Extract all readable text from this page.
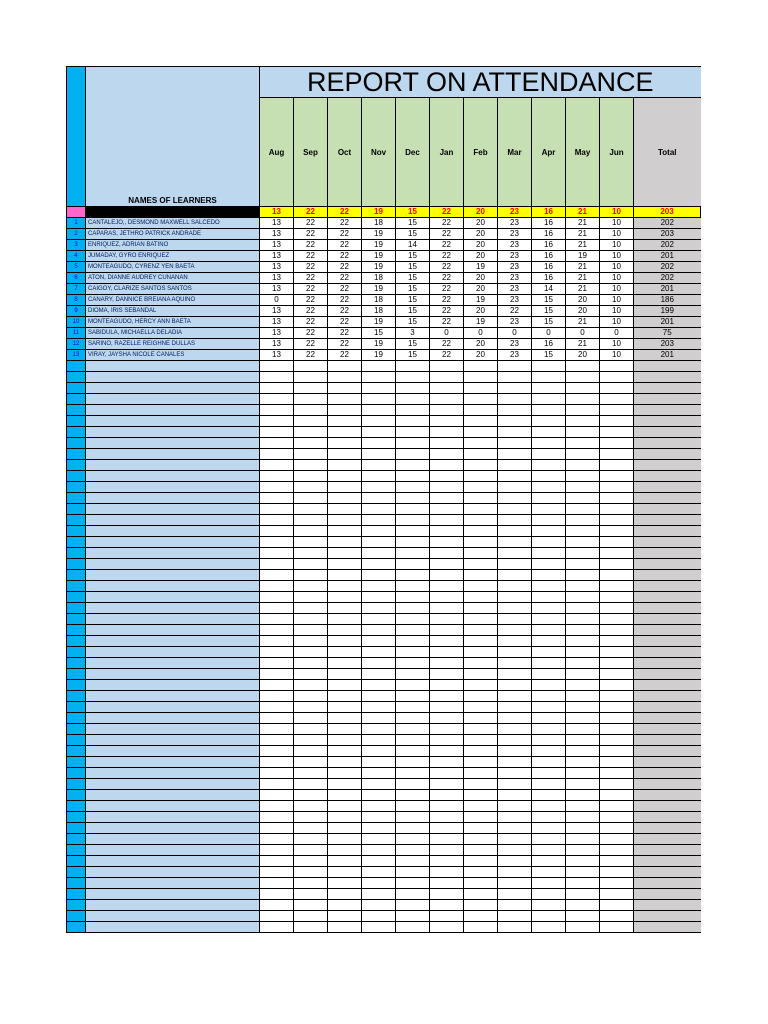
	NAMES OF LEARNERS	REPORT ON ATTENDANCE											
		Aug	Sep	Oct	Nov	Dec	Jan	Feb	Mar	Apr	May	Jun	Total
		13	22	22	19	15	22	20	23	16	21	10	203
1	CANTALEJO,, DESMOND MAXWELL SALCEDO	13	22	22	18	15	22	20	23	16	21	10	202
2	CAPARAS, JETHRO PATRICK ANDRADE	13	22	22	19	15	22	20	23	16	21	10	203
3	ENRIQUEZ, ADRIAN BATINO	13	22	22	19	14	22	20	23	16	21	10	202
4	JUMADAY, GYRO ENRIQUEZ	13	22	22	19	15	22	20	23	16	19	10	201
5	MONTEAGUDO, CYRENZ YEN BAETA	13	22	22	19	15	22	19	23	16	21	10	202
6	ATON, DIANNE AUDREY CUNANAN	13	22	22	18	15	22	20	23	16	21	10	202
7	CAIGOY, CLARIZE SANTOS SANTOS	13	22	22	19	15	22	20	23	14	21	10	201
8	CANARY, DANNICE BREIANA AQUINO	0	22	22	18	15	22	19	23	15	20	10	186
9	DIOMA, IRIS SEBANDAL	13	22	22	18	15	22	20	22	15	20	10	199
10	MONTEAGUDO, HERCY ANN BAETA	13	22	22	19	15	22	19	23	15	21	10	201
11	SABIDULA, MICHAELLA DELADIA	13	22	22	15	3	0	0	0	0	0	0	75
12	SARINO, RAZELLE REIGHNE DULLAS	13	22	22	19	15	22	20	23	16	21	10	203
13	VIRAY, JAYSHA NICOLE CANALES	13	22	22	19	15	22	20	23	15	20	10	201
